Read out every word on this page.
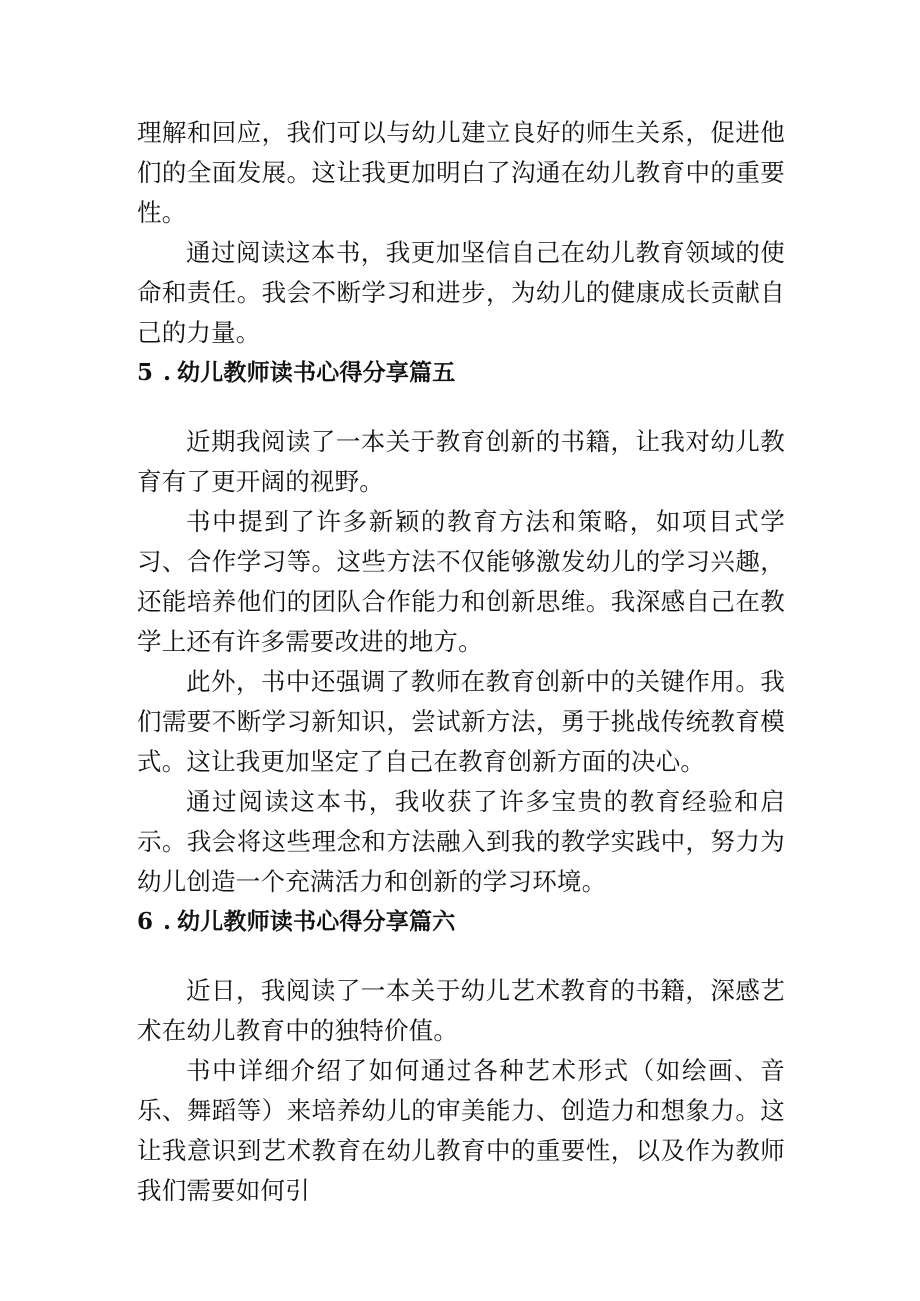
理解和回应，我们可以与幼儿建立良好的师生关系，促进他们的全面发展。这让我更加明白了沟通在幼儿教育中的重要性。

通过阅读这本书，我更加坚信自己在幼儿教育领域的使命和责任。我会不断学习和进步，为幼儿的健康成长贡献自己的力量。

5 . 幼儿教师读书心得分享篇五

近期我阅读了一本关于教育创新的书籍，让我对幼儿教育有了更开阔的视野。

书中提到了许多新颖的教育方法和策略，如项目式学习、合作学习等。这些方法不仅能够激发幼儿的学习兴趣，还能培养他们的团队合作能力和创新思维。我深感自己在教学上还有许多需要改进的地方。

此外，书中还强调了教师在教育创新中的关键作用。我们需要不断学习新知识，尝试新方法，勇于挑战传统教育模式。这让我更加坚定了自己在教育创新方面的决心。

通过阅读这本书，我收获了许多宝贵的教育经验和启示。我会将这些理念和方法融入到我的教学实践中，努力为幼儿创造一个充满活力和创新的学习环境。

6 . 幼儿教师读书心得分享篇六

近日，我阅读了一本关于幼儿艺术教育的书籍，深感艺术在幼儿教育中的独特价值。

书中详细介绍了如何通过各种艺术形式（如绘画、音乐、舞蹈等）来培养幼儿的审美能力、创造力和想象力。这让我意识到艺术教育在幼儿教育中的重要性，以及作为教师我们需要如何引
